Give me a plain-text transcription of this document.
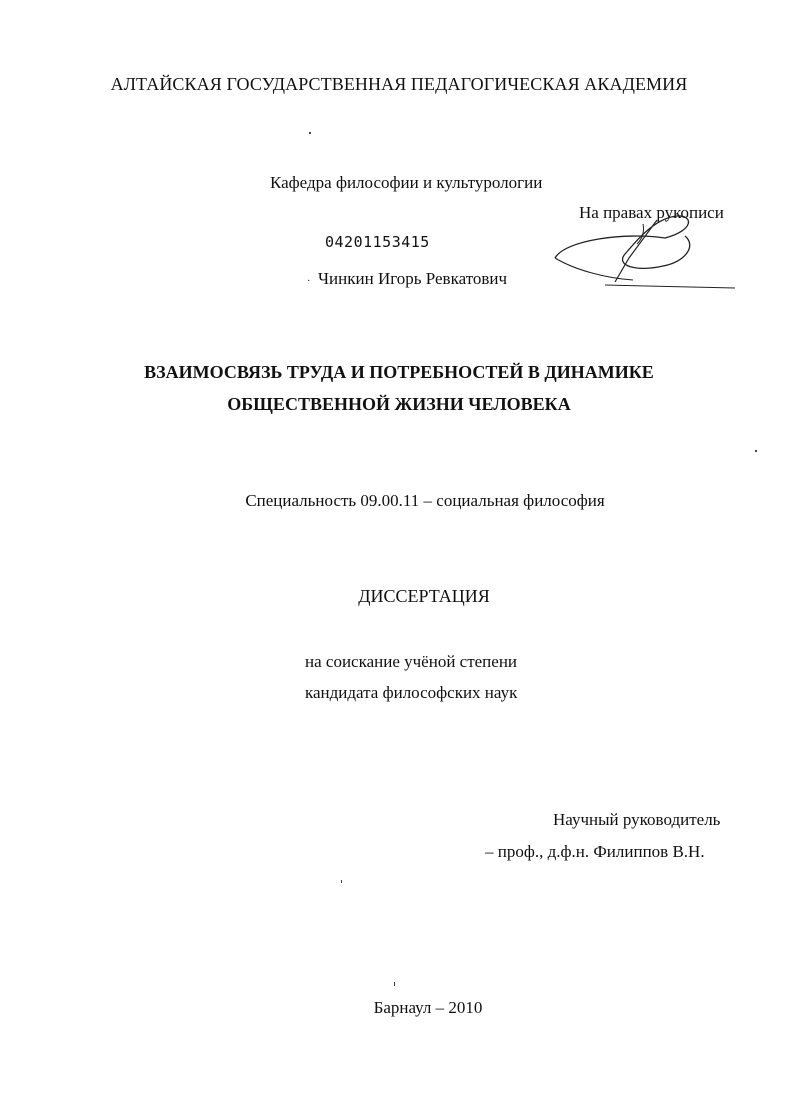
АЛТАЙСКАЯ ГОСУДАРСТВЕННАЯ ПЕДАГОГИЧЕСКАЯ АКАДЕМИЯ
Кафедра философии и культурологии
На правах рукописи
04201153415
· Чинкин Игорь Ревкатович
ВЗАИМОСВЯЗЬ ТРУДА И ПОТРЕБНОСТЕЙ В ДИНАМИКЕ
ОБЩЕСТВЕННОЙ ЖИЗНИ ЧЕЛОВЕКА
Специальность 09.00.11 – социальная философия
ДИССЕРТАЦИЯ
на соискание учёной степени
кандидата философских наук
Научный руководитель
– проф., д.ф.н. Филиппов В.Н.
Барнаул – 2010
